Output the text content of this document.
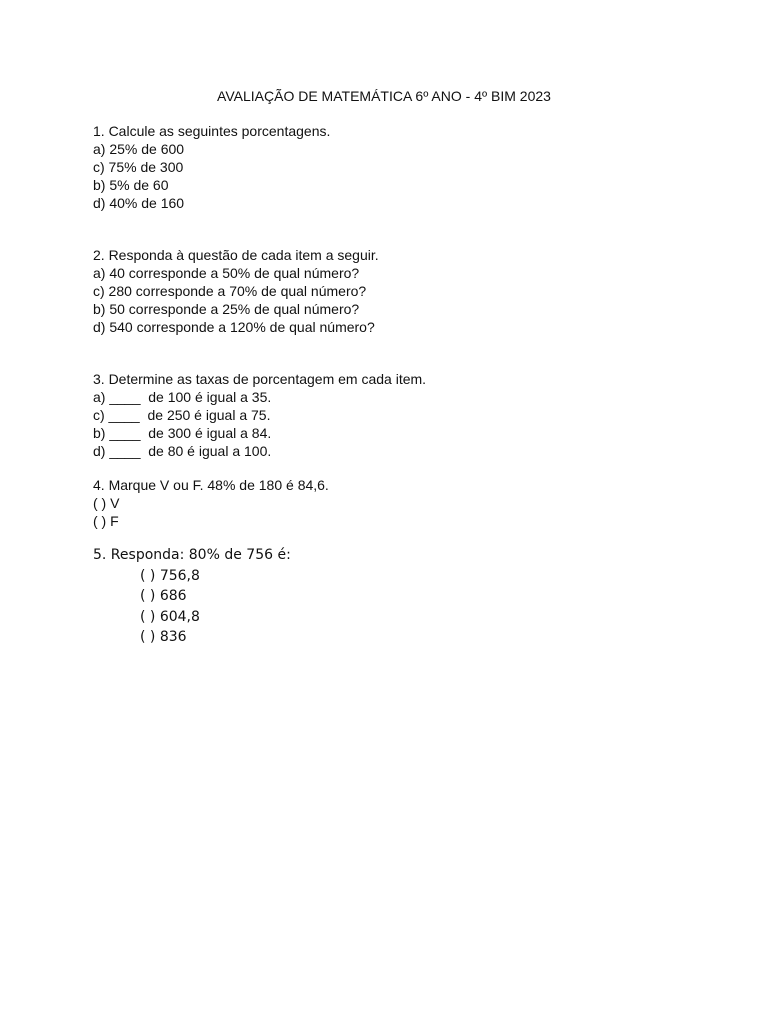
AVALIAÇÃO DE MATEMÁTICA 6º ANO - 4º BIM 2023
1. Calcule as seguintes porcentagens.
a) 25% de 600
c) 75% de 300
b) 5% de 60
d) 40% de 160
2. Responda à questão de cada item a seguir.
a) 40 corresponde a 50% de qual número?
c) 280 corresponde a 70% de qual número?
b) 50 corresponde a 25% de qual número?
d) 540 corresponde a 120% de qual número?
3. Determine as taxas de porcentagem em cada item.
a) ____  de 100 é igual a 35.
c) ____  de 250 é igual a 75.
b) ____  de 300 é igual a 84.
d) ____  de 80 é igual a 100.
4. Marque V ou F. 48% de 180 é 84,6.
( ) V
( ) F
5. Responda: 80% de 756 é:
( ) 756,8
( ) 686
( ) 604,8
( ) 836
